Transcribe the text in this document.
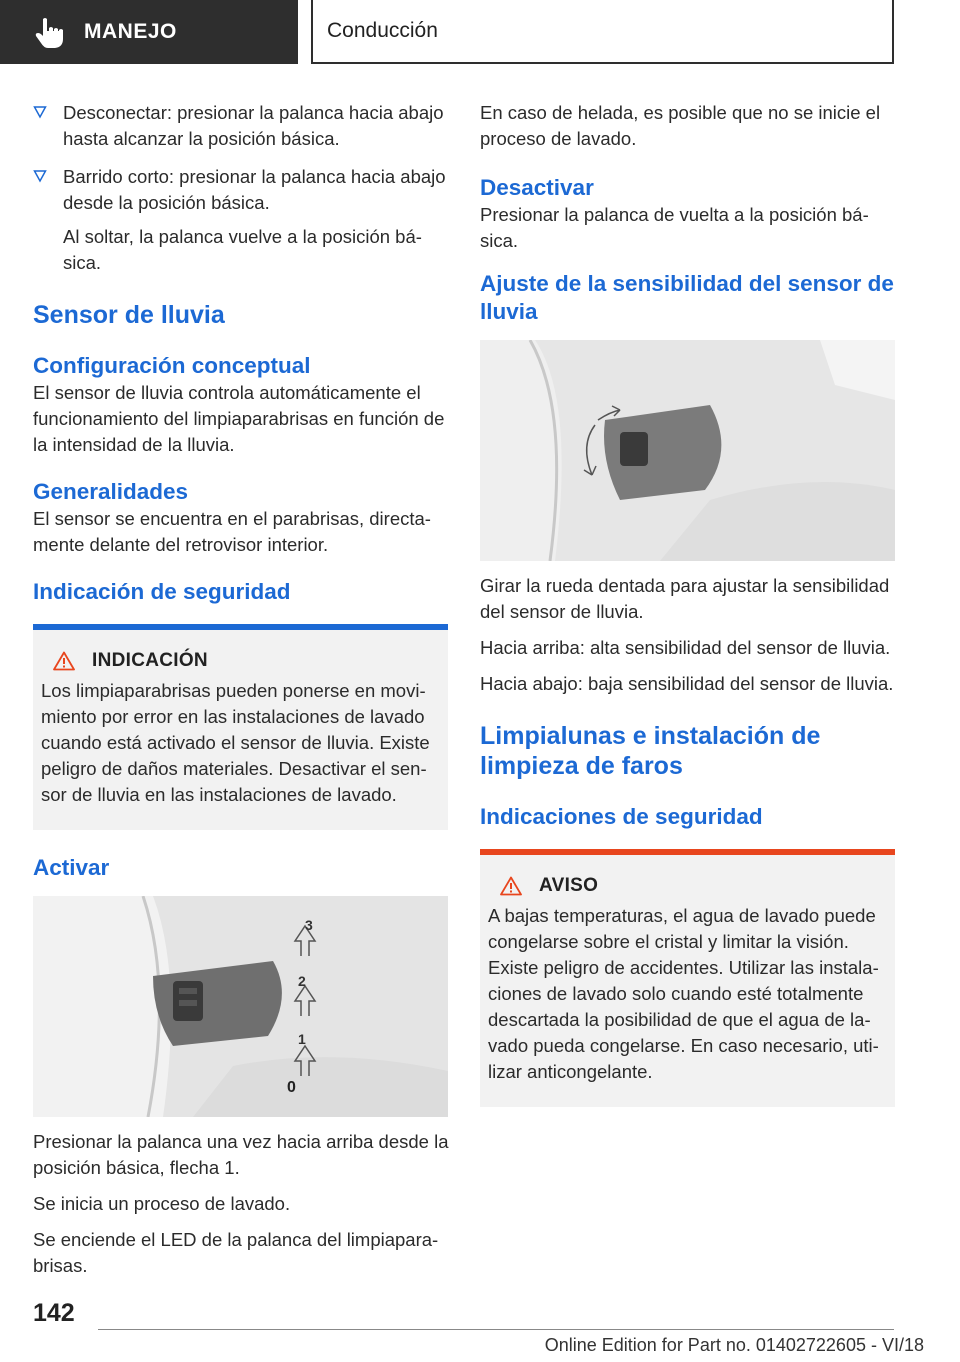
MANEJO	Conducción

Desconectar: presionar la palanca hacia abajo hasta alcanzar la posición básica.

Barrido corto: presionar la palanca hacia abajo desde la posición básica.

Al soltar, la palanca vuelve a la posición bá-sica.

Sensor de lluvia
Configuración conceptual

El sensor de lluvia controla automáticamente el funcionamiento del limpiaparabrisas en función de la intensidad de la lluvia.

Generalidades

El sensor se encuentra en el parabrisas, directa-mente delante del retrovisor interior.

Indicación de seguridad
INDICACIÓN

Los limpiaparabrisas pueden ponerse en movi-miento por error en las instalaciones de lavado cuando está activado el sensor de lluvia. Existe peligro de daños materiales. Desactivar el sen-sor de lluvia en las instalaciones de lavado.

Activar
3
2
1
0

Presionar la palanca una vez hacia arriba desde la posición básica, flecha 1.

Se inicia un proceso de lavado.

Se enciende el LED de la palanca del limpiapara-brisas.

En caso de helada, es posible que no se inicie el proceso de lavado.

Desactivar

Presionar la palanca de vuelta a la posición bá-sica.

Ajuste de la sensibilidad del sensor de lluvia

Girar la rueda dentada para ajustar la sensibilidad del sensor de lluvia.

Hacia arriba: alta sensibilidad del sensor de lluvia.

Hacia abajo: baja sensibilidad del sensor de lluvia.

Limpialunas e instalación de limpieza de faros
Indicaciones de seguridad
AVISO

A bajas temperaturas, el agua de lavado puede congelarse sobre el cristal y limitar la visión. Existe peligro de accidentes. Utilizar las instala-ciones de lavado solo cuando esté totalmente descartada la posibilidad de que el agua de la-vado pueda congelarse. En caso necesario, uti-lizar anticongelante.

142
Online Edition for Part no. 01402722605 - VI/18
